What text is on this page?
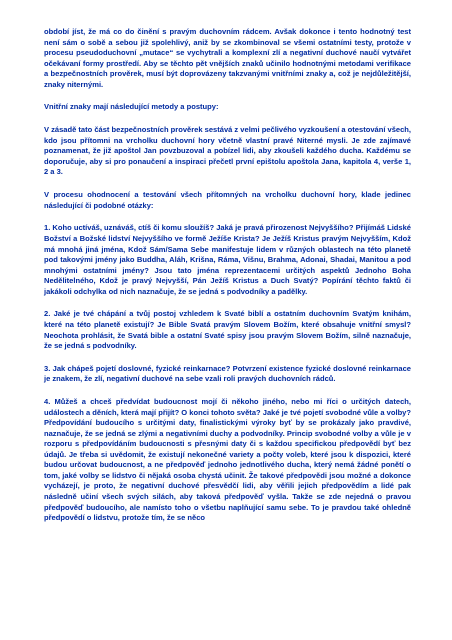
období jíst, že má co do činění s pravým duchovním rádcem. Avšak dokonce i tento hodnotný test není sám o sobě a sebou již spolehlivý, aniž by se zkombinoval se všemi ostatními testy, protože v procesu pseudoduchovní „mutace“ se vychytrali a komplexní zlí a negativní duchové naučí vytvářet očekávaní formy prostředí. Aby se těchto pět vnějších znaků učinilo hodnotnými metodami verifikace a bezpečnostních prověrek, musí být doprovázeny takzvanými vnitřními znaky a, což je nejdůležitější, znaky niternými.

Vnitřní znaky mají následující metody a postupy:

V zásadě tato část bezpečnostních prověrek sestává z velmi pečlivého vyzkoušení a otestování všech, kdo jsou přítomni na vrcholku duchovní hory včetně vlastní pravé Niterné mysli. Je zde zajímavé poznamenat, že již apoštol Jan povzbuzoval a pobízel lidi, aby zkoušeli každého ducha. Každému se doporučuje, aby si pro ponaučení a inspiraci přečetl první epištolu apoštola Jana, kapitola 4, verše 1, 2 a 3.

V procesu ohodnocení a testování všech přítomných na vrcholku duchovní hory, klade jedinec následující či podobné otázky:

1. Koho uctíváš, uznáváš, ctíš či komu sloužíš? Jaká je pravá přirozenost Nejvyššího? Přijímáš Lidské Božství a Božské lidství Nejvyššího ve formě Ježíše Krista? Je Ježíš Kristus pravým Nejvyšším, Kdož má mnohá jiná jména, Kdož Sám/Sama Sebe manifestuje lidem v různých oblastech na této planetě pod takovými jmény jako Buddha, Aláh, Krišna, Ráma, Višnu, Brahma, Adonai, Shadai, Manitou a pod mnohými ostatními jmény? Jsou tato jména reprezentacemi určitých aspektů Jednoho Boha Nedělitelného, Kdož je pravý Nejvyšší, Pán Ježíš Kristus a Duch Svatý? Popírání těchto faktů či jakákoli odchylka od nich naznačuje, že se jedná s podvodníky a padělky.

2. Jaké je tvé chápání a tvůj postoj vzhledem k Svaté biblí a ostatním duchovním Svatým knihám, které na této planetě existují? Je Bible Svatá pravým Slovem Božím, které obsahuje vnitřní smysl? Neochota prohlásit, že Svatá bible a ostatní Svaté spisy jsou pravým Slovem Božím, silně naznačuje, že se jedná s podvodníky.

3. Jak chápeš pojetí doslovné, fyzické reinkarnace? Potvrzení existence fyzické doslovné reinkarnace je znakem, že zlí, negativní duchové na sebe vzali roli pravých duchovních rádců.

4. Můžeš a chceš předvídat budoucnost mojí či někoho jiného, nebo mi říci o určitých datech, událostech a děních, která mají přijít? O konci tohoto světa? Jaké je tvé pojetí svobodné vůle a volby? Předpovídání budoucího s určitými daty, finalistickými výroky byť by se prokázaly jako pravdivé, naznačuje, že se jedná se zlými a negativními duchy a podvodníky. Princip svobodné volby a vůle je v rozporu s předpovídáním budoucnosti s přesnými daty či s každou specifickou předpovědí byť bez údajů. Je třeba si uvědomit, že existují nekonečné variety a počty voleb, které jsou k dispozici, které budou určovat budoucnost, a ne předpověď jednoho jednotlivého ducha, který nemá žádné ponětí o tom, jaké volby se lidstvo či nějaká osoba chystá učinit. Že takové předpovědi jsou možné a dokonce vycházejí, je proto, že negativní duchové přesvědčí lidi, aby věřili jejich předpovědím a lidé pak následně učiní všech svých silách, aby taková předpověď vyšla. Takže se zde nejedná o pravou předpověď budoucího, ale namísto toho o všetbu naplňující samu sebe. To je pravdou také ohledně předpovědí o lidstvu, protože tím, že se něco
